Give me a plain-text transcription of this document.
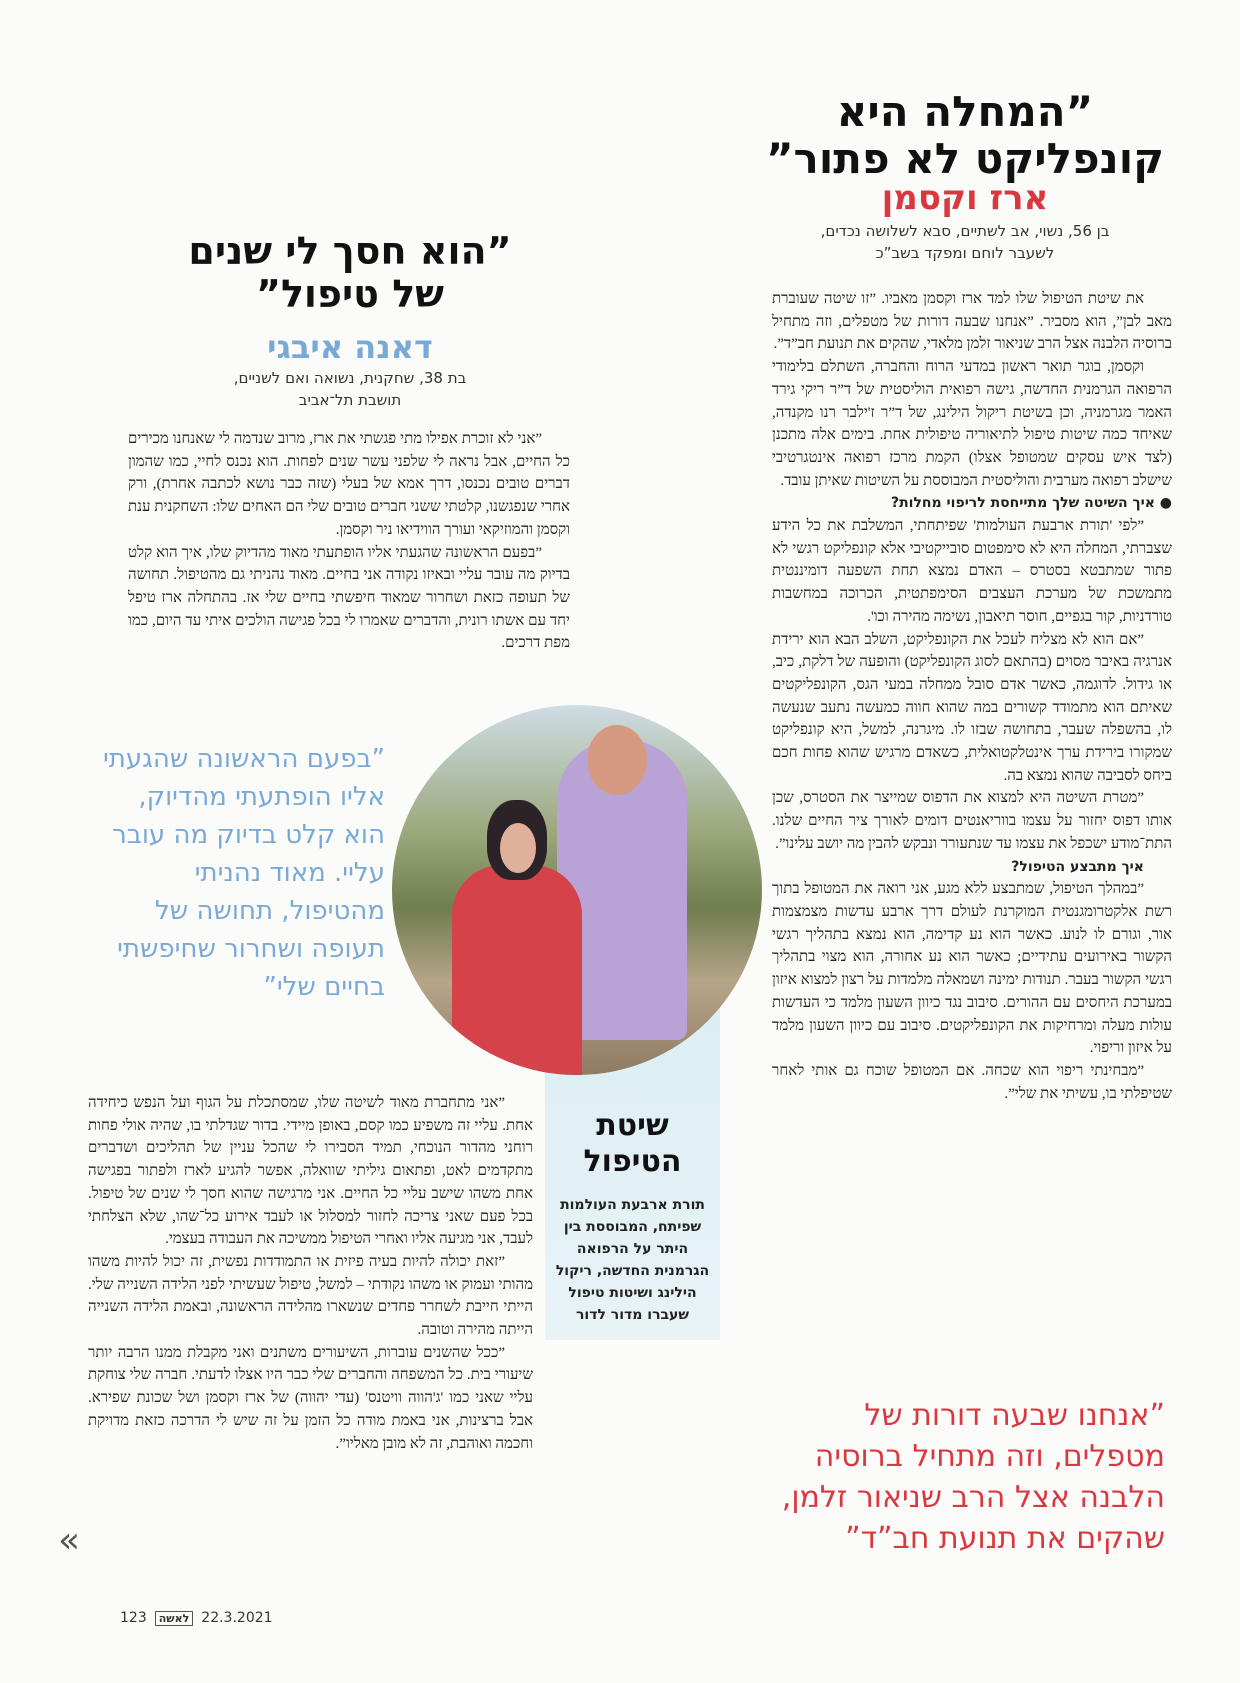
”המחלה היא
קונפליקט לא פתור”
ארז וקסמן
בן 56, נשוי, אב לשתיים, סבא לשלושה נכדים,
לשעבר לוחם ומפקד בשב”כ

את שיטת הטיפול שלו למד ארז וקסמן מאביו. ”זו שיטה שעוברת מאב לבן”, הוא מסביר. ”אנחנו שבעה דורות של מטפלים, וזה מתחיל ברוסיה הלבנה אצל הרב שניאור זלמן מלאדי, שהקים את תנועת חב”ד”.

וקסמן, בוגר תואר ראשון במדעי הרוח והחברה, השתלם בלימודי הרפואה הגרמנית החדשה, גישה רפואית הוליסטית של ד”ר ריקי גירד האמר מגרמניה, וכן בשיטת ריקול הילינג, של ד”ר ז'ילבר רנו מקנדה, שאיחד כמה שיטות טיפול לתיאוריה טיפולית אחת. בימים אלה מתכנן (לצד איש עסקים שמטופל אצלו) הקמת מרכז רפואה אינטגרטיבי שישלב רפואה מערבית והוליסטית המבוססת על השיטות שאיתן עובד.

● איך השיטה שלך מתייחסת לריפוי מחלות?

”לפי 'תורת ארבעת העולמות' שפיתחתי, המשלבת את כל הידע שצברתי, המחלה היא לא סימפטום סובייקטיבי אלא קונפליקט רגשי לא פתור שמתבטא בסטרס – האדם נמצא תחת השפעה דומיננטית מתמשכת של מערכת העצבים הסימפתטית, הכרוכה במחשבות טורדניות, קור בגפיים, חוסר תיאבון, נשימה מהירה וכו'.

”אם הוא לא מצליח לעכל את הקונפליקט, השלב הבא הוא ירידת אנרגיה באיבר מסוים (בהתאם לסוג הקונפליקט) והופעה של דלקת, כיב, או גידול. לדוגמה, כאשר אדם סובל ממחלה במעי הגס, הקונפליקטים שאיתם הוא מתמודד קשורים במה שהוא חווה כמעשה נתעב שנעשה לו, בהשפלה שעבר, בתחושה שבזו לו. מיגרנה, למשל, היא קונפליקט שמקורו בירידת ערך אינטלקטואלית, כשאדם מרגיש שהוא פחות חכם ביחס לסביבה שהוא נמצא בה.

”מטרת השיטה היא למצוא את הדפוס שמייצר את הסטרס, שכן אותו דפוס יחזור על עצמו בווריאנטים דומים לאורך ציר החיים שלנו. התת־מודע ישכפל את עצמו עד שנתעורר ונבקש להבין מה יושב עלינו”.

איך מתבצע הטיפול?

”במהלך הטיפול, שמתבצע ללא מגע, אני רואה את המטופל בתוך רשת אלקטרומגנטית המוקרנת לעולם דרך ארבע עדשות מצמצמות אור, וגורם לו לנוע. כאשר הוא נע קדימה, הוא נמצא בתהליך רגשי הקשור באירועים עתידיים; כאשר הוא נע אחורה, הוא מצוי בתהליך רגשי הקשור בעבר. תנודות ימינה ושמאלה מלמדות על רצון למצוא איזון במערכת היחסים עם ההורים. סיבוב נגד כיוון השעון מלמד כי העדשות עולות מעלה ומרחיקות את הקונפליקטים. סיבוב עם כיוון השעון מלמד על איזון וריפוי.

”מבחינתי ריפוי הוא שכחה. אם המטופל שוכח גם אותי לאחר שטיפלתי בו, עשיתי את שלי”.

”אנחנו שבעה דורות של מטפלים, וזה מתחיל ברוסיה הלבנה אצל הרב שניאור זלמן, שהקים את תנועת חב”ד”
”הוא חסך לי שנים
של טיפול”
דאנה איבגי
בת 38, שחקנית, נשואה ואם לשניים,
תושבת תל־אביב

”אני לא זוכרת אפילו מתי פגשתי את ארז, מרוב שנדמה לי שאנחנו מכירים כל החיים, אבל נראה לי שלפני עשר שנים לפחות. הוא נכנס לחיי, כמו שהמון דברים טובים נכנסו, דרך אמא של בעלי (שזה כבר נושא לכתבה אחרת), ורק אחרי שנפגשנו, קלטתי ששני חברים טובים שלי הם האחים שלו: השחקנית ענת וקסמן והמוזיקאי ועורך הווידיאו ניר וקסמן.

”בפעם הראשונה שהגעתי אליו הופתעתי מאוד מהדיוק שלו, איך הוא קלט בדיוק מה עובר עליי ובאיזו נקודה אני בחיים. מאוד נהניתי גם מהטיפול. תחושה של תעופה כזאת ושחרור שמאוד חיפשתי בחיים שלי אז. בהתחלה ארז טיפל יחד עם אשתו רונית, והדברים שאמרו לי בכל פגישה הולכים איתי עד היום, כמו מפת דרכים.

”בפעם הראשונה שהגעתי אליו הופתעתי מהדיוק, הוא קלט בדיוק מה עובר עליי. מאוד נהניתי מהטיפול, תחושה של תעופה ושחרור שחיפשתי בחיים שלי”
שיטת
הטיפול
תורת ארבעת העולמות שפיתח, המבוססת בין היתר על הרפואה הגרמנית החדשה, ריקול הילינג ושיטות טיפול שעברו מדור לדור

”אני מתחברת מאוד לשיטה שלו, שמסתכלת על הגוף ועל הנפש כיחידה אחת. עליי זה משפיע כמו קסם, באופן מיידי. בדור שגדלתי בו, שהיה אולי פחות רוחני מהדור הנוכחי, תמיד הסבירו לי שהכל עניין של תהליכים ושדברים מתקדמים לאט, ופתאום גיליתי שוואלה, אפשר להגיע לארז ולפתור בפגישה אחת משהו שישב עליי כל החיים. אני מרגישה שהוא חסך לי שנים של טיפול. בכל פעם שאני צריכה לחזור למסלול או לעבד אירוע כל־שהו, שלא הצלחתי לעבד, אני מגיעה אליו ואחרי הטיפול ממשיכה את העבודה בעצמי.

”זאת יכולה להיות בעיה פיזית או התמודדות נפשית, זה יכול להיות משהו מהותי ועמוק או משהו נקודתי – למשל, טיפול שעשיתי לפני הלידה השנייה שלי. הייתי חייבת לשחרר פחדים שנשארו מהלידה הראשונה, ובאמת הלידה השנייה הייתה מהירה וטובה.

”ככל שהשנים עוברות, השיעורים משתנים ואני מקבלת ממנו הרבה יותר שיעורי בית. כל המשפחה והחברים שלי כבר היו אצלו לדעתי. חברה שלי צוחקת עליי שאני כמו 'ג'הווה וויטנס' (עדי יהווה) של ארז וקסמן ושל שכונת שפירא. אבל ברצינות, אני באמת מודה כל הזמן על זה שיש לי הדרכה כזאת מדויקת וחכמה ואוהבת, זה לא מובן מאליו”.

«
123	לאשה 22.3.2021
